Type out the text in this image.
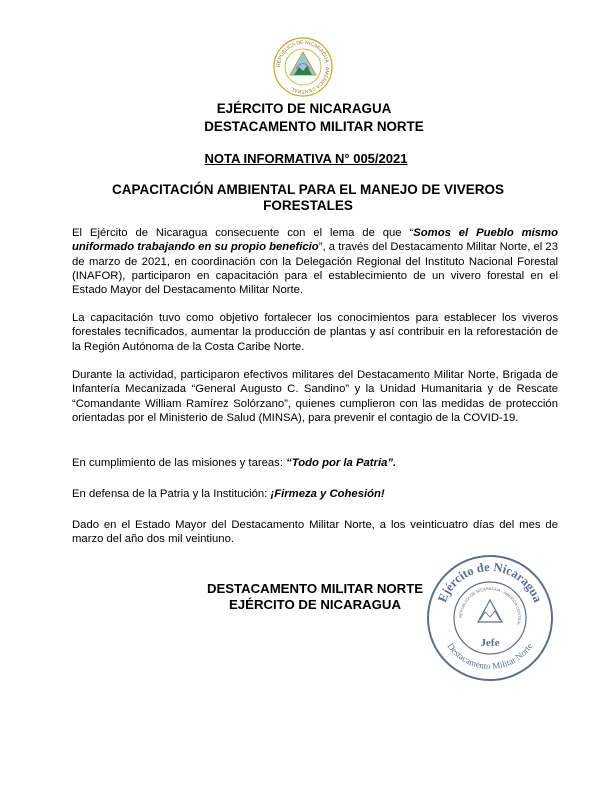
REPÚBLICA DE NICARAGUA · AMÉRICA CENTRAL
EJÉRCITO DE NICARAGUA
DESTACAMENTO MILITAR NORTE
NOTA INFORMATIVA N° 005/2021
CAPACITACIÓN AMBIENTAL PARA EL MANEJO DE VIVEROS FORESTALES
El Ejército de Nicaragua consecuente con el lema de que “Somos el Pueblo mismo uniformado trabajando en su propio beneficio”, a través del Destacamento Militar Norte, el 23 de marzo de 2021, en coordinación con la Delegación Regional del Instituto Nacional Forestal (INAFOR), participaron en capacitación para el establecimiento de un vivero forestal en el Estado Mayor del Destacamento Militar Norte.
La capacitación tuvo como objetivo fortalecer los conocimientos para establecer los viveros forestales tecnificados, aumentar la producción de plantas y así contribuir en la reforestación de la Región Autónoma de la Costa Caribe Norte.
Durante la actividad, participaron efectivos militares del Destacamento Militar Norte, Brigada de Infantería Mecanizada “General Augusto C. Sandino” y la Unidad Humanitaria y de Rescate “Comandante William Ramírez Solórzano”, quienes cumplieron con las medidas de protección orientadas por el Ministerio de Salud (MINSA), para prevenir el contagio de la COVID-19.
En cumplimiento de las misiones y tareas: “Todo por la Patria”.
En defensa de la Patria y la Institución: ¡Firmeza y Cohesión!
Dado en el Estado Mayor del Destacamento Militar Norte, a los veinticuatro días del mes de marzo del año dos mil veintiuno.
DESTACAMENTO MILITAR NORTE
EJÉRCITO DE NICARAGUA	Ejército de Nicaragua
Destacamento Militar Norte
REPÚBLICA DE NICARAGUA · AMÉRICA CENTRAL
Jefe
